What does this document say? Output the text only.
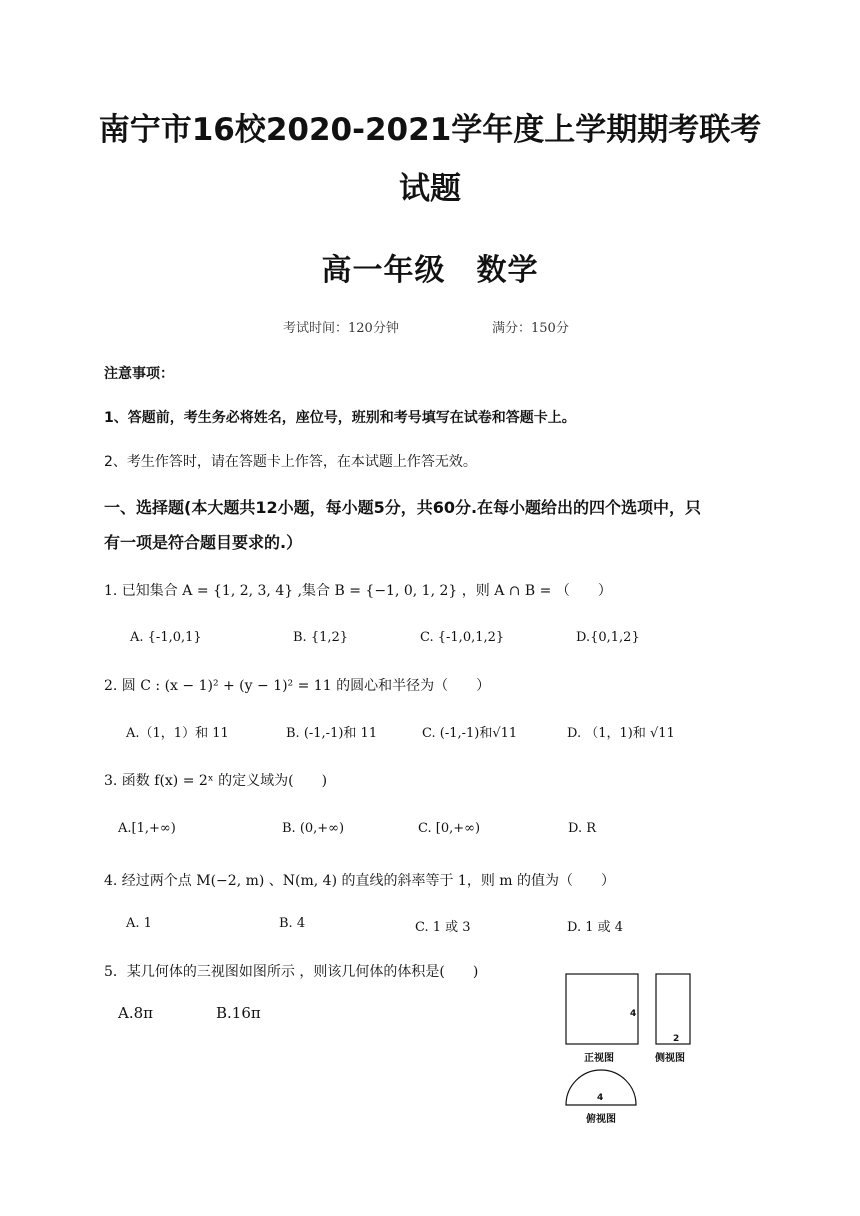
南宁市16校2020-2021学年度上学期期考联考
试题
高一年级　数学
考试时间：120分钟	满分：150分
注意事项：
1、答题前，考生务必将姓名，座位号，班别和考号填写在试卷和答题卡上。
2、考生作答时，请在答题卡上作答，在本试题上作答无效。
一、选择题(本大题共12小题，每小题5分，共60分.在每小题给出的四个选项中，只
有一项是符合题目要求的.）
1. 已知集合 A = {1, 2, 3, 4} ,集合 B = {−1, 0, 1, 2} ，则 A ∩ B = （　　）
A. {-1,0,1}	B. {1,2}	C. {-1,0,1,2}	D.{0,1,2}
2. 圆 C : (x − 1)² + (y − 1)² = 11 的圆心和半径为（　　）
A.（1，1）和 11	B. (-1,-1)和 11	C. (-1,-1)和√11	D. （1，1)和 √11
3. 函数 f(x) = 2ˣ 的定义域为(　　)
A.[1,+∞)	B. (0,+∞)	C. [0,+∞)	D. R
4. 经过两个点 M(−2, m) 、N(m, 4) 的直线的斜率等于 1，则 m 的值为（　　）
A. 1	B. 4	C. 1 或 3	D. 1 或 4
5．某几何体的三视图如图所示 ，则该几何体的体积是(　　)
A.8π	B.16π	4
正视图
2
侧视图
4
俯视图
